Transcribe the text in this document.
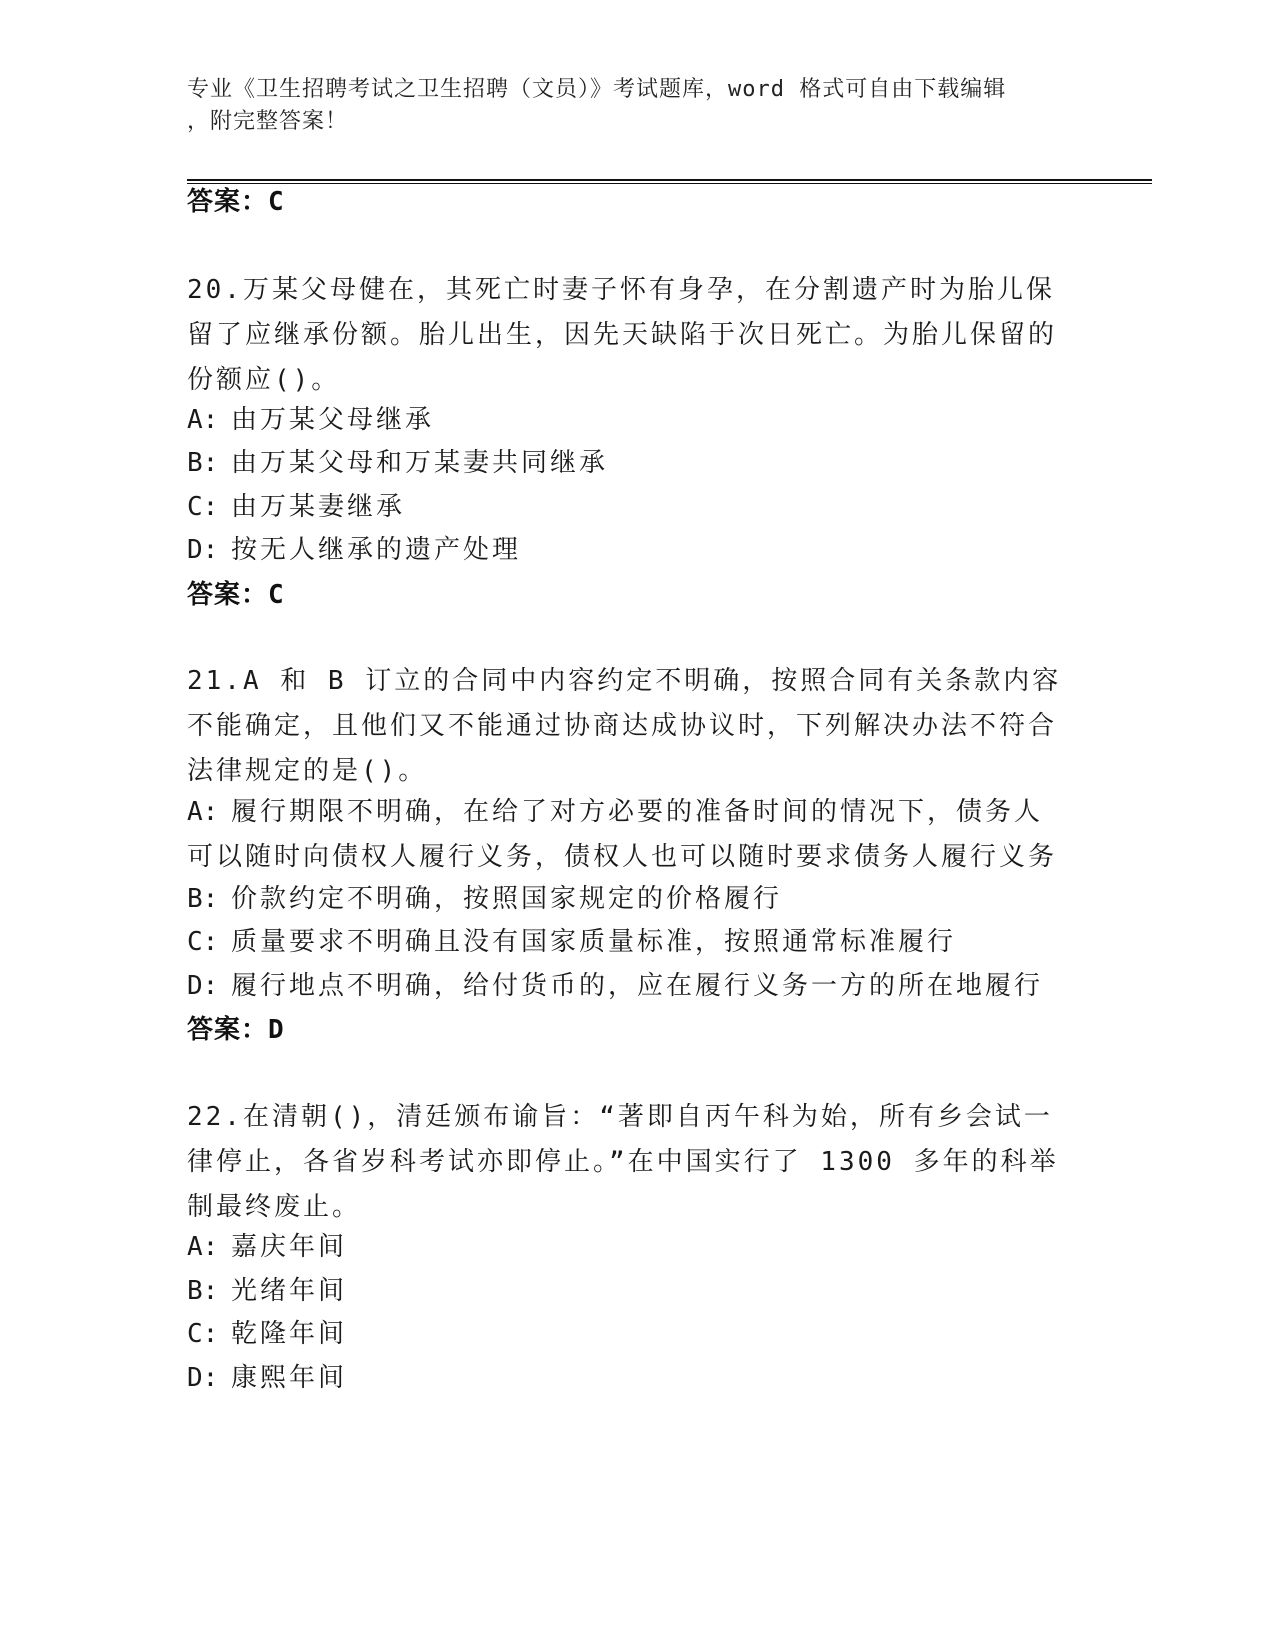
专业《卫生招聘考试之卫生招聘（文员）》考试题库，word 格式可自由下载编辑
，附完整答案！
答案：C
20.万某父母健在，其死亡时妻子怀有身孕，在分割遗产时为胎儿保留了应继承份额。胎儿出生，因先天缺陷于次日死亡。为胎儿保留的份额应()。
A: 由万某父母继承
B: 由万某父母和万某妻共同继承
C: 由万某妻继承
D: 按无人继承的遗产处理
答案：C
21.A 和 B 订立的合同中内容约定不明确，按照合同有关条款内容不能确定，且他们又不能通过协商达成协议时，下列解决办法不符合法律规定的是()。
A: 履行期限不明确，在给了对方必要的准备时间的情况下，债务人可以随时向债权人履行义务，债权人也可以随时要求债务人履行义务
B: 价款约定不明确，按照国家规定的价格履行
C: 质量要求不明确且没有国家质量标准，按照通常标准履行
D: 履行地点不明确，给付货币的，应在履行义务一方的所在地履行
答案：D
22.在清朝()，清廷颁布谕旨：“著即自丙午科为始，所有乡会试一律停止，各省岁科考试亦即停止。”在中国实行了 1300 多年的科举制最终废止。
A: 嘉庆年间
B: 光绪年间
C: 乾隆年间
D: 康熙年间
